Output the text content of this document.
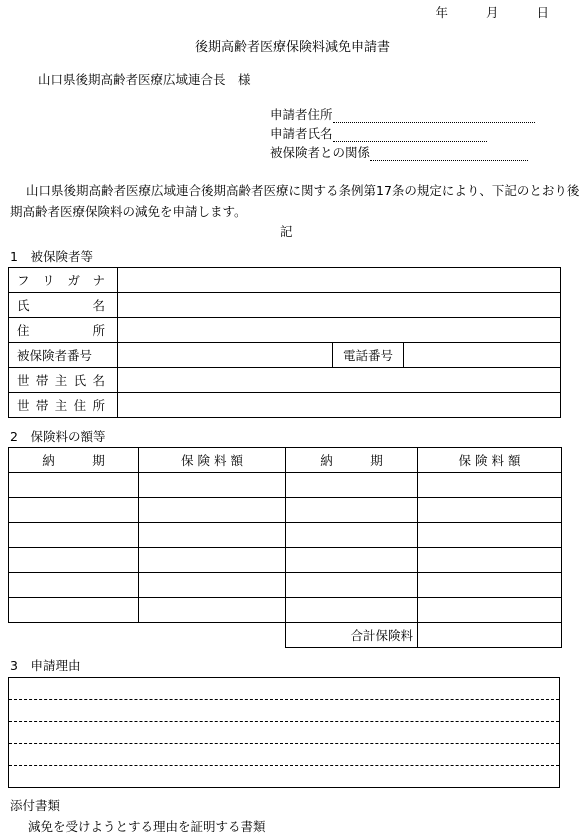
年	月	日
後期高齢者医療保険料減免申請書
山口県後期高齢者医療広域連合長　様
申請者住所
申請者氏名
被保険者との関係
山口県後期高齢者医療広域連合後期高齢者医療に関する条例第17条の規定により、下記のとおり後期高齢者医療保険料の減免を申請します。
記
1　被保険者等
フ リ ガ ナ			

氏 名			

住 所			

被保険者番号		電話番号	

世 帯 主 氏 名			

世 帯 主 住 所			

2　保険料の額等
納　　　期	保 険 料 額	納　　　期	保 険 料 額

		合計保険料	
3　申請理由
添付書類
減免を受けようとする理由を証明する書類
